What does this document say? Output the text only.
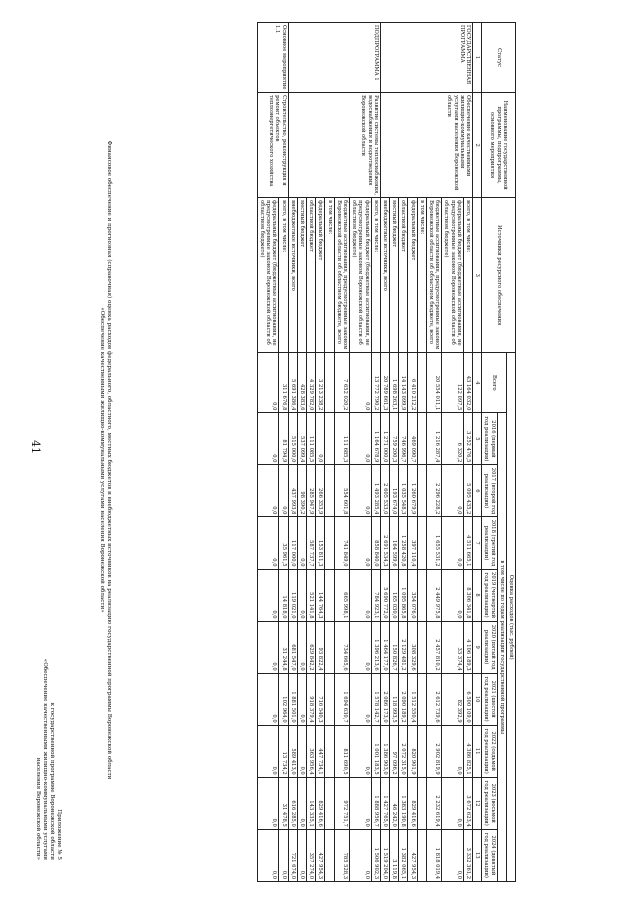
41
Приложение № 5
к государственной программе Воронежской области
«Обеспечение качественными жилищно-коммунальными услугами
населения Воронежской области»
Финансовое обеспечение и прогнозная (справочная) оценка расходов федерального, областного, местных бюджетов и внебюджетных источников на реализацию государственной программы Воронежской области
«Обеспечение качественными жилищно-коммунальными услугами населения Воронежской области»
Статус	Наименование государственной программы, подпрограммы, основного мероприятия	Источники ресурсного обеспечения	Оценка расходов (тыс. рублей)									
			Всего	в том числе по годам реализации государственной программы								
				2016 (первый год реализации)	2017 (второй год реализации)	2018 (третий год реализации)	2019 (четвертый год реализации)	2020 (пятый год реализации)	2021 (шестой год реализации)	2022 (седьмой год реализации)	2023 (восьмой год реализации)	2024 (девятый год реализации)
1	2	3	4	5	6	7	8	9	10	11	12	13
ГОСУДАРСТВЕННАЯ ПРОГРАММА	Обеспечение качественными жилищно-коммунальными услугами населения Воронежской области	всего, в том числе:	43 164 032,0	3 252 476,5	5 095 435,2	4 511 665,1	8 306 341,8	4 106 189,3	6 500 109,0	4 386 825,1	3 672 623,4	3 332 361,2
		федеральный бюджет (бюджетные ассигнования, не предусмотренные законом Воронежской области об областном бюджете)	122 097,5	6 320,2	0,0	0,0	0,0	33 374,4	82 392,9	0,0	0,0	0,0
		бюджетные ассигнования, предусмотренные законом Воронежской области об областном бюджете, всего	20 554 011,1	1 216 287,4	2 296 228,2	1 655 531,2	2 449 975,8	2 457 810,2	2 612 739,6	2 902 819,9	2 232 619,4	1 818 019,4
		в том числе:										
		федеральный бюджет	6 410 212,2	469 090,7	1 260 679,9	397 110,4	354 076,0	308 329,6	1 512 550,4	820 901,9	829 416,6	427 954,3
		областной бюджет	14 143 099,9	746 996,7	1 035 548,3	1 258 420,8	1 095 865,8	2 129 481,2	2 090 189,2	2 072 315,0	1 383 190,8	1 382 065,1
		местный бюджет	1 698 263,1	759 200,3	193 674,0	164 599,6	165 030,0	150 826,7	118 993,5	97 096,2	46 242,0	3 119,8
		внебюджетные источники, всего	20 789 661,3	1 271 000,0	2 605 533,0	2 691 534,3	5 690 772,0	1 464 177,0	2 086 173,0	1 386 903,0	1 427 765,0	1 519 204,0
ПОДПРОГРАММА 1	Развитие системы теплоснабжения, водоснабжения и водоотведения Воронежской области	всего, в том числе:	13 772 790,2	1 164 678,9	1 493 285,4	858 840,0	784 923,1	1 396 213,6	1 578 142,7	1 001 183,5	1 888 956,7	1 506 902,3
		федеральный бюджет (бюджетные ассигнования, не предусмотренные законом Воронежской области об областном бюджете)	0,0	0,0	0,0	0,0	0,0	0,0	0,0	0,0	0,0	0,0
		бюджетные ассигнования, предусмотренные законом Воронежской области об областном бюджете, всего	7 652 020,2	111 685,3	554 601,8	741 849,0	665 998,1	734 665,6	1 694 630,7	811 690,5	972 751,7	785 528,3
		в том числе:										
		федеральный бюджет	3 213 238,2	0,0	266 353,9	153 811,3	144 764,3	93 822,4	716 540,3	447 734,1	829 416,6	427 954,3
		областной бюджет	4 329 782,0	111 085,5	285 947,9	587 737,7	521 141,8	629 842,2	918 379,4	363 956,4	143 335,1	357 274,0
		местный бюджет	428 383,6	537 099,4	98 390,2	0,0	0,0	0,0	0,0	0,0	0,0	0,0
		внебюджетные источники, всего	5 691 386,4	515 000,0	437 993,8	117 000,0	119 021,0	681 547,0	1 881 501,0	589 413,0	616 285,0	721 674,0
Основное мероприятие 1.1	Строительство, реконструкция и ремонт объектов теплоэнергетического хозяйства	всего, в том числе:	311 676,8	81 794,9	0,0	35 961,5	14 818,0	31 244,8	102 964,0	13 734,2	31 478,5	0,0
		федеральный бюджет (бюджетные ассигнования, не предусмотренные законом Воронежской области об областном бюджете)	0,0	0,0	0,0	0,0	0,0	0,0	0,0	0,0	0,0	0,0
